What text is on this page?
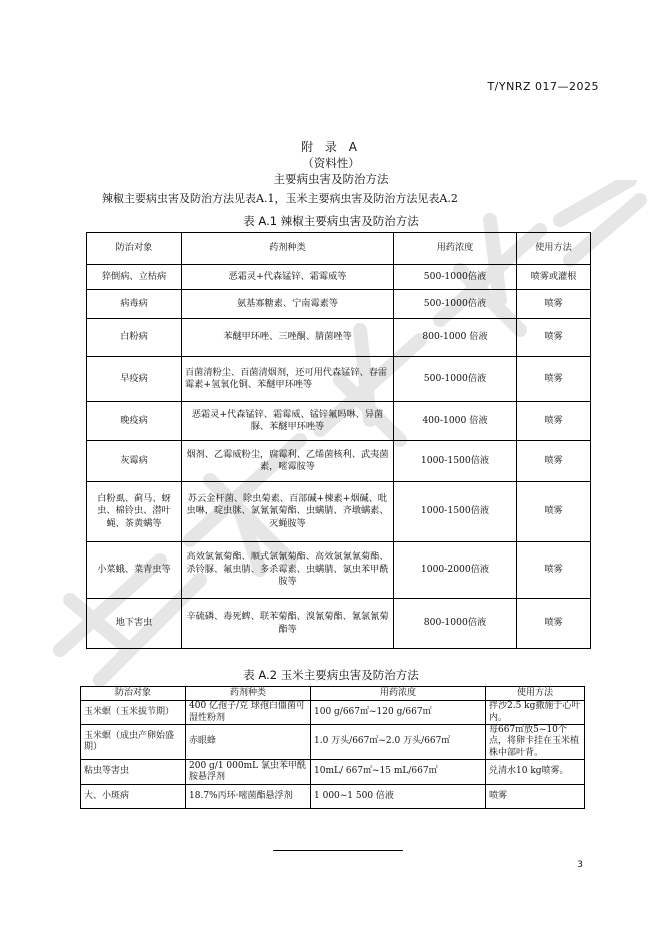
T/YNRZ 017—2025
附 录 A
（资料性）
主要病虫害及防治方法
辣椒主要病虫害及防治方法见表A.1，玉米主要病虫害及防治方法见表A.2
表 A.1 辣椒主要病虫害及防治方法
防治对象	药剂种类	用药浓度	使用方法
猝倒病、立枯病	恶霜灵+代森锰锌、霜霉威等	500-1000倍液	喷雾或灌根
病毒病	氨基寡糖素、宁南霉素等	500-1000倍液	喷雾
白粉病	苯醚甲环唑、三唑酮、腈菌唑等	800-1000 倍液	喷雾
早疫病	百菌清粉尘、百菌清烟剂，还可用代森锰锌、春雷霉素+氢氧化铜、苯醚甲环唑等	500-1000倍液	喷雾
晚疫病	恶霜灵+代森锰锌、霜霉威、锰锌氟吗啉、异菌脲、苯醚甲环唑等	400-1000 倍液	喷雾
灰霉病	烟剂、乙霉威粉尘，腐霉利、乙烯菌核利、武夷菌素，嘧霉胺等	1000-1500倍液	喷雾
白粉虱、蓟马、蚜虫、棉铃虫、潜叶蝇、茶黄螨等	苏云金杆菌、除虫菊素、百部碱+楝素+烟碱、吡虫啉，啶虫脒、氯氰氰菊酯、虫螨腈、齐墩螨素、灭蝇胺等	1000-1500倍液	喷雾
小菜蛾、菜青虫等	高效氯氰菊酯、顺式氯氰菊酯、高效氯氰氰菊酯、杀铃脲、氟虫腈、多杀霉素、虫螨腈、氯虫苯甲酰胺等	1000-2000倍液	喷雾
地下害虫	辛硫磷、毒死蜱、联苯菊酯、溴氰菊酯、氰氯氰菊酯等	800-1000倍液	喷雾
表 A.2 玉米主要病虫害及防治方法
防治对象	药剂种类	用药浓度	使用方法
玉米螟（玉米拔节期）	400 亿孢子/克 球孢白僵菌可湿性粉剂	100 g/667㎡~120 g/667㎡	拌沙2.5 kg撒施于心叶内。
玉米螟（成虫产卵始盛期）	赤眼蜂	1.0 万头/667㎡~2.0 万头/667㎡	每667㎡放5~10个点，将卵卡挂在玉米植株中部叶背。
粘虫等害虫	200 g/1 000mL 氯虫苯甲酰胺悬浮剂	10mL/ 667㎡~15 mL/667㎡	兑清水10 kg喷雾。
大、小斑病	18.7%丙环·嘧菌酯悬浮剂	1 000~1 500 倍液	喷雾
3
